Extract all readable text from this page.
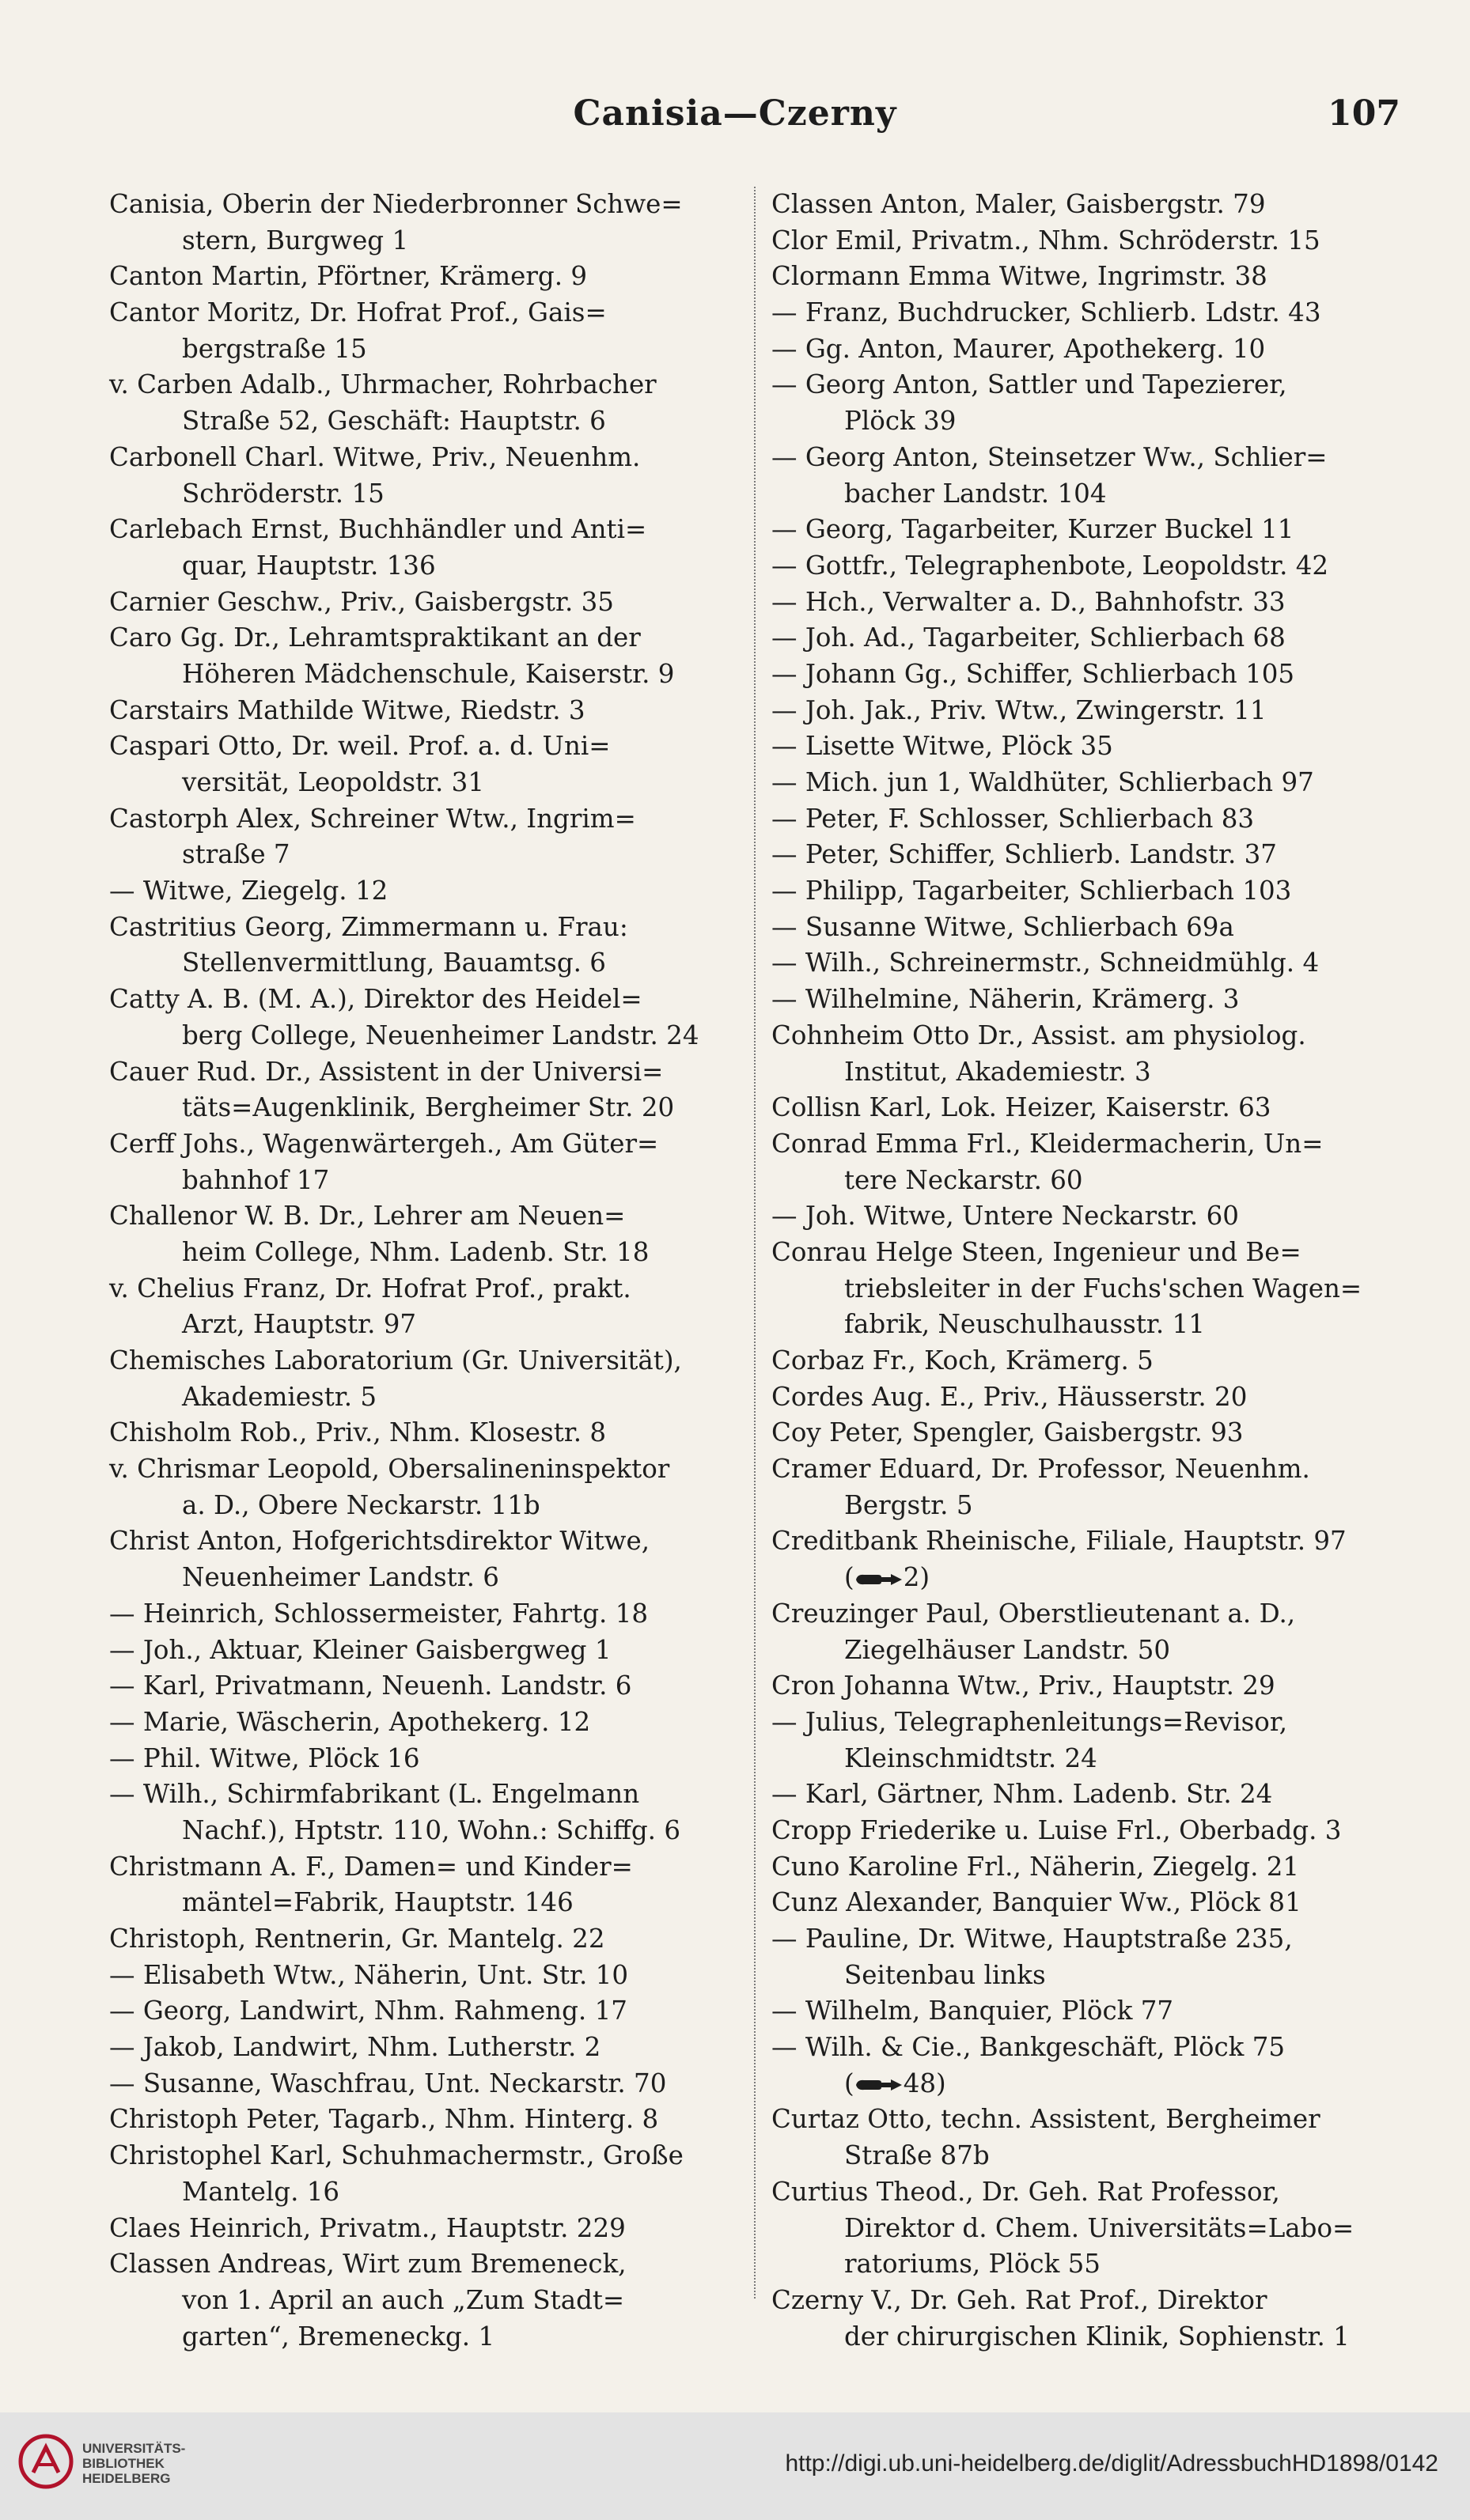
Canisia—Czerny	107
Canisia, Oberin der Niederbronner Schwe=
stern, Burgweg 1
Canton Martin, Pförtner, Krämerg. 9
Cantor Moritz, Dr. Hofrat Prof., Gais=
bergstraße 15
v. Carben Adalb., Uhrmacher, Rohrbacher
Straße 52, Geschäft: Hauptstr. 6
Carbonell Charl. Witwe, Priv., Neuenhm.
Schröderstr. 15
Carlebach Ernst, Buchhändler und Anti=
quar, Hauptstr. 136
Carnier Geschw., Priv., Gaisbergstr. 35
Caro Gg. Dr., Lehramtspraktikant an der
Höheren Mädchenschule, Kaiserstr. 9
Carstairs Mathilde Witwe, Riedstr. 3
Caspari Otto, Dr. weil. Prof. a. d. Uni=
versität, Leopoldstr. 31
Castorph Alex, Schreiner Wtw., Ingrim=
straße 7
— Witwe, Ziegelg. 12
Castritius Georg, Zimmermann u. Frau:
Stellenvermittlung, Bauamtsg. 6
Catty A. B. (M. A.), Direktor des Heidel=
berg College, Neuenheimer Landstr. 24
Cauer Rud. Dr., Assistent in der Universi=
täts=Augenklinik, Bergheimer Str. 20
Cerff Johs., Wagenwärtergeh., Am Güter=
bahnhof 17
Challenor W. B. Dr., Lehrer am Neuen=
heim College, Nhm. Ladenb. Str. 18
v. Chelius Franz, Dr. Hofrat Prof., prakt.
Arzt, Hauptstr. 97
Chemisches Laboratorium (Gr. Universität),
Akademiestr. 5
Chisholm Rob., Priv., Nhm. Klosestr. 8
v. Chrismar Leopold, Obersalineninspektor
a. D., Obere Neckarstr. 11b
Christ Anton, Hofgerichtsdirektor Witwe,
Neuenheimer Landstr. 6
— Heinrich, Schlossermeister, Fahrtg. 18
— Joh., Aktuar, Kleiner Gaisbergweg 1
— Karl, Privatmann, Neuenh. Landstr. 6
— Marie, Wäscherin, Apothekerg. 12
— Phil. Witwe, Plöck 16
— Wilh., Schirmfabrikant (L. Engelmann
Nachf.), Hptstr. 110, Wohn.: Schiffg. 6
Christmann A. F., Damen= und Kinder=
mäntel=Fabrik, Hauptstr. 146
Christoph, Rentnerin, Gr. Mantelg. 22
— Elisabeth Wtw., Näherin, Unt. Str. 10
— Georg, Landwirt, Nhm. Rahmeng. 17
— Jakob, Landwirt, Nhm. Lutherstr. 2
— Susanne, Waschfrau, Unt. Neckarstr. 70
Christoph Peter, Tagarb., Nhm. Hinterg. 8
Christophel Karl, Schuhmachermstr., Große
Mantelg. 16
Claes Heinrich, Privatm., Hauptstr. 229
Classen Andreas, Wirt zum Bremeneck,
von 1. April an auch „Zum Stadt=
garten“, Bremeneckg. 1
Classen Anton, Maler, Gaisbergstr. 79
Clor Emil, Privatm., Nhm. Schröderstr. 15
Clormann Emma Witwe, Ingrimstr. 38
— Franz, Buchdrucker, Schlierb. Ldstr. 43
— Gg. Anton, Maurer, Apothekerg. 10
— Georg Anton, Sattler und Tapezierer,
Plöck 39
— Georg Anton, Steinsetzer Ww., Schlier=
bacher Landstr. 104
— Georg, Tagarbeiter, Kurzer Buckel 11
— Gottfr., Telegraphenbote, Leopoldstr. 42
— Hch., Verwalter a. D., Bahnhofstr. 33
— Joh. Ad., Tagarbeiter, Schlierbach 68
— Johann Gg., Schiffer, Schlierbach 105
— Joh. Jak., Priv. Wtw., Zwingerstr. 11
— Lisette Witwe, Plöck 35
— Mich. jun 1, Waldhüter, Schlierbach 97
— Peter, F. Schlosser, Schlierbach 83
— Peter, Schiffer, Schlierb. Landstr. 37
— Philipp, Tagarbeiter, Schlierbach 103
— Susanne Witwe, Schlierbach 69a
— Wilh., Schreinermstr., Schneidmühlg. 4
— Wilhelmine, Näherin, Krämerg. 3
Cohnheim Otto Dr., Assist. am physiolog.
Institut, Akademiestr. 3
Collisn Karl, Lok. Heizer, Kaiserstr. 63
Conrad Emma Frl., Kleidermacherin, Un=
tere Neckarstr. 60
— Joh. Witwe, Untere Neckarstr. 60
Conrau Helge Steen, Ingenieur und Be=
triebsleiter in der Fuchs'schen Wagen=
fabrik, Neuschulhausstr. 11
Corbaz Fr., Koch, Krämerg. 5
Cordes Aug. E., Priv., Häusserstr. 20
Coy Peter, Spengler, Gaisbergstr. 93
Cramer Eduard, Dr. Professor, Neuenhm.
Bergstr. 5
Creditbank Rheinische, Filiale, Hauptstr. 97
( 2)
Creuzinger Paul, Oberstlieutenant a. D.,
Ziegelhäuser Landstr. 50
Cron Johanna Wtw., Priv., Hauptstr. 29
— Julius, Telegraphenleitungs=Revisor,
Kleinschmidtstr. 24
— Karl, Gärtner, Nhm. Ladenb. Str. 24
Cropp Friederike u. Luise Frl., Oberbadg. 3
Cuno Karoline Frl., Näherin, Ziegelg. 21
Cunz Alexander, Banquier Ww., Plöck 81
— Pauline, Dr. Witwe, Hauptstraße 235,
Seitenbau links
— Wilhelm, Banquier, Plöck 77
— Wilh. & Cie., Bankgeschäft, Plöck 75
( 48)
Curtaz Otto, techn. Assistent, Bergheimer
Straße 87b
Curtius Theod., Dr. Geh. Rat Professor,
Direktor d. Chem. Universitäts=Labo=
ratoriums, Plöck 55
Czerny V., Dr. Geh. Rat Prof., Direktor
der chirurgischen Klinik, Sophienstr. 1
UNIVERSITÄTS-
BIBLIOTHEK
HEIDELBERG
http://digi.ub.uni-heidelberg.de/diglit/AdressbuchHD1898/0142
